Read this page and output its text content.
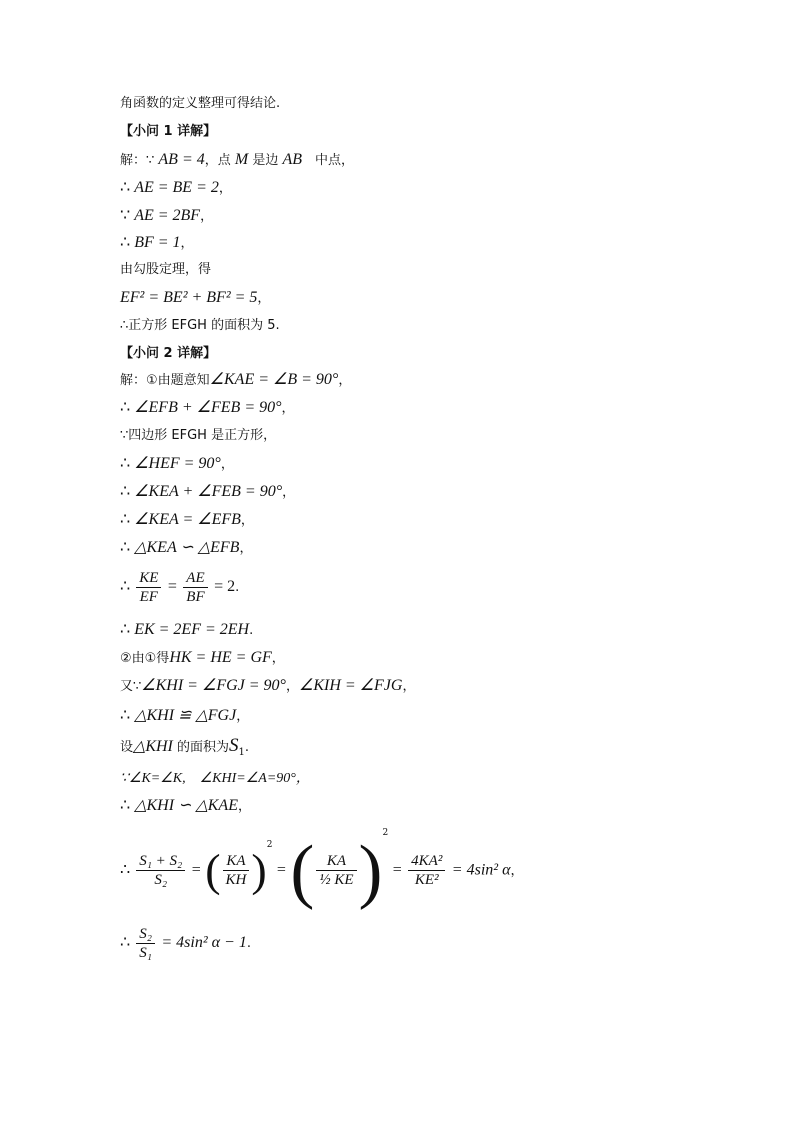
角函数的定义整理可得结论.
【小问 1 详解】
解：∵ AB = 4，点 M 是边 AB　中点，
∴ AE = BE = 2，
∵ AE = 2BF，
∴ BF = 1，
由勾股定理，得
EF² = BE² + BF² = 5，
∴正方形 EFGH 的面积为 5.
【小问 2 详解】
解：①由题意知∠KAE = ∠B = 90°，
∴ ∠EFB + ∠FEB = 90°，
∵四边形 EFGH 是正方形，
∴ ∠HEF = 90°，
∴ ∠KEA + ∠FEB = 90°，
∴ ∠KEA = ∠EFB，
∴ △KEA ∽ △EFB，
∴ $\frac{KE}{EF} = \frac{AE}{BF} = 2$.
∴ EK = 2EF = 2EH.
②由①得HK = HE = GF，
又∵∠KHI = ∠FGJ = 90°，∠KIH = ∠FJG，
∴ △KHI ≌ △FGJ，
设△KHI 的面积为$S_1$.
∵∠K=∠K,　∠KHI=∠A=90°，
∴ △KHI ∽ △KAE，
∴ $\frac{\text{S₁ + S₂}}{\text{S₂}}$ = ( $\frac{KA}{KH} )^2$ = ( $\frac{KA}{\text{½ KE}} )^2 = \frac{\text{4KA²}}{\text{KE²}} = 4\sin^2$ α，
∴ $\frac{\text{S₂}}{\text{S₁}} = 4\sin^2$ α − 1.
